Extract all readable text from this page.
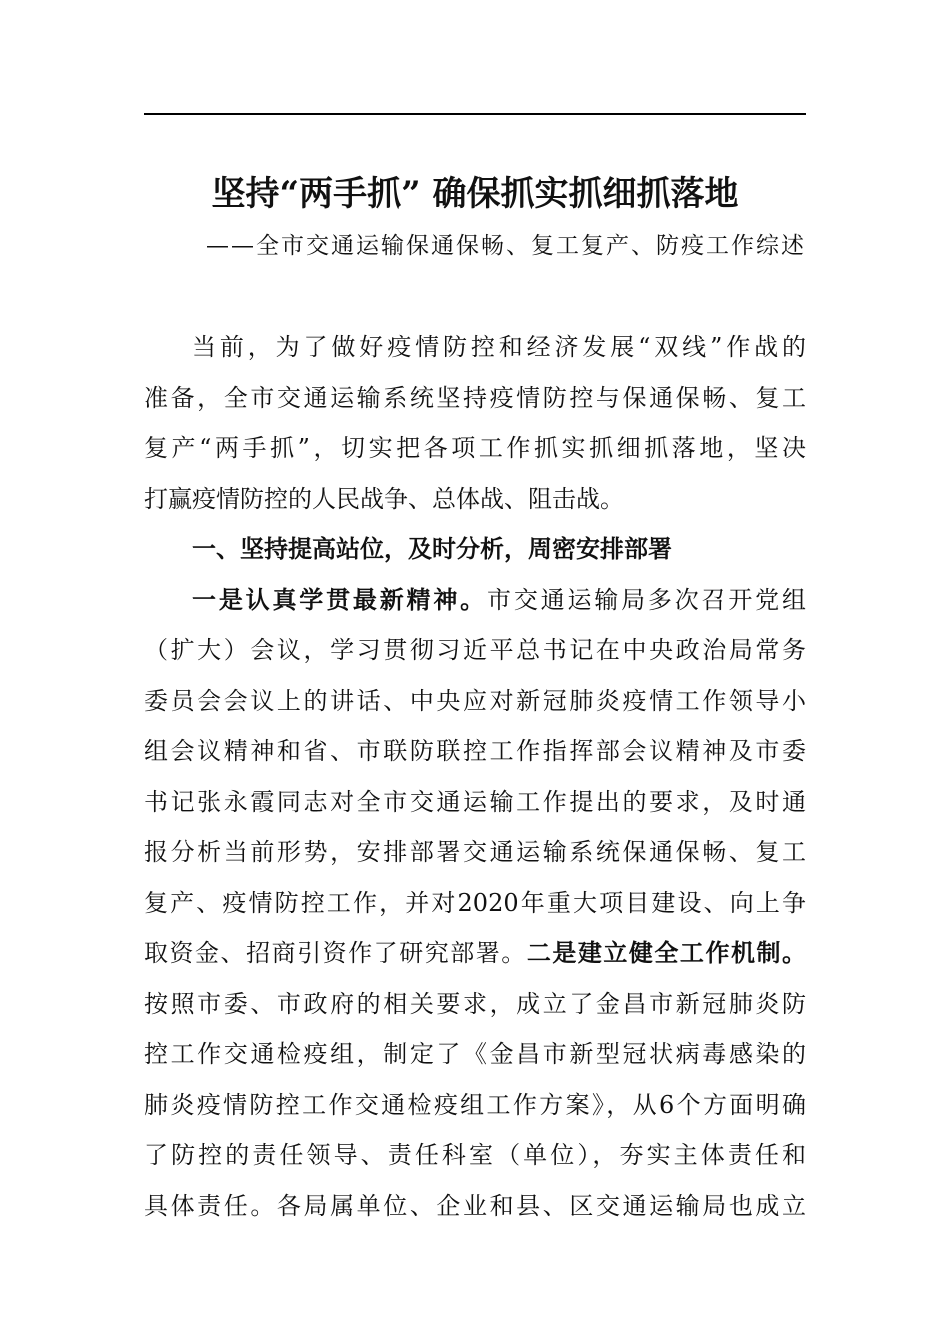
坚持“两手抓” 确保抓实抓细抓落地
——全市交通运输保通保畅、复工复产、防疫工作综述
当前，为了做好疫情防控和经济发展“双线”作战的
准备，全市交通运输系统坚持疫情防控与保通保畅、复工
复产“两手抓”，切实把各项工作抓实抓细抓落地，坚决
打赢疫情防控的人民战争、总体战、阻击战。
一、坚持提高站位，及时分析，周密安排部署
一是认真学贯最新精神。市交通运输局多次召开党组
（扩大）会议，学习贯彻习近平总书记在中央政治局常务
委员会会议上的讲话、中央应对新冠肺炎疫情工作领导小
组会议精神和省、市联防联控工作指挥部会议精神及市委
书记张永霞同志对全市交通运输工作提出的要求，及时通
报分析当前形势，安排部署交通运输系统保通保畅、复工
复产、疫情防控工作，并对2020年重大项目建设、向上争
取资金、招商引资作了研究部署。二是建立健全工作机制。
按照市委、市政府的相关要求，成立了金昌市新冠肺炎防
控工作交通检疫组，制定了《金昌市新型冠状病毒感染的
肺炎疫情防控工作交通检疫组工作方案》，从6个方面明确
了防控的责任领导、责任科室（单位），夯实主体责任和
具体责任。各局属单位、企业和县、区交通运输局也成立
